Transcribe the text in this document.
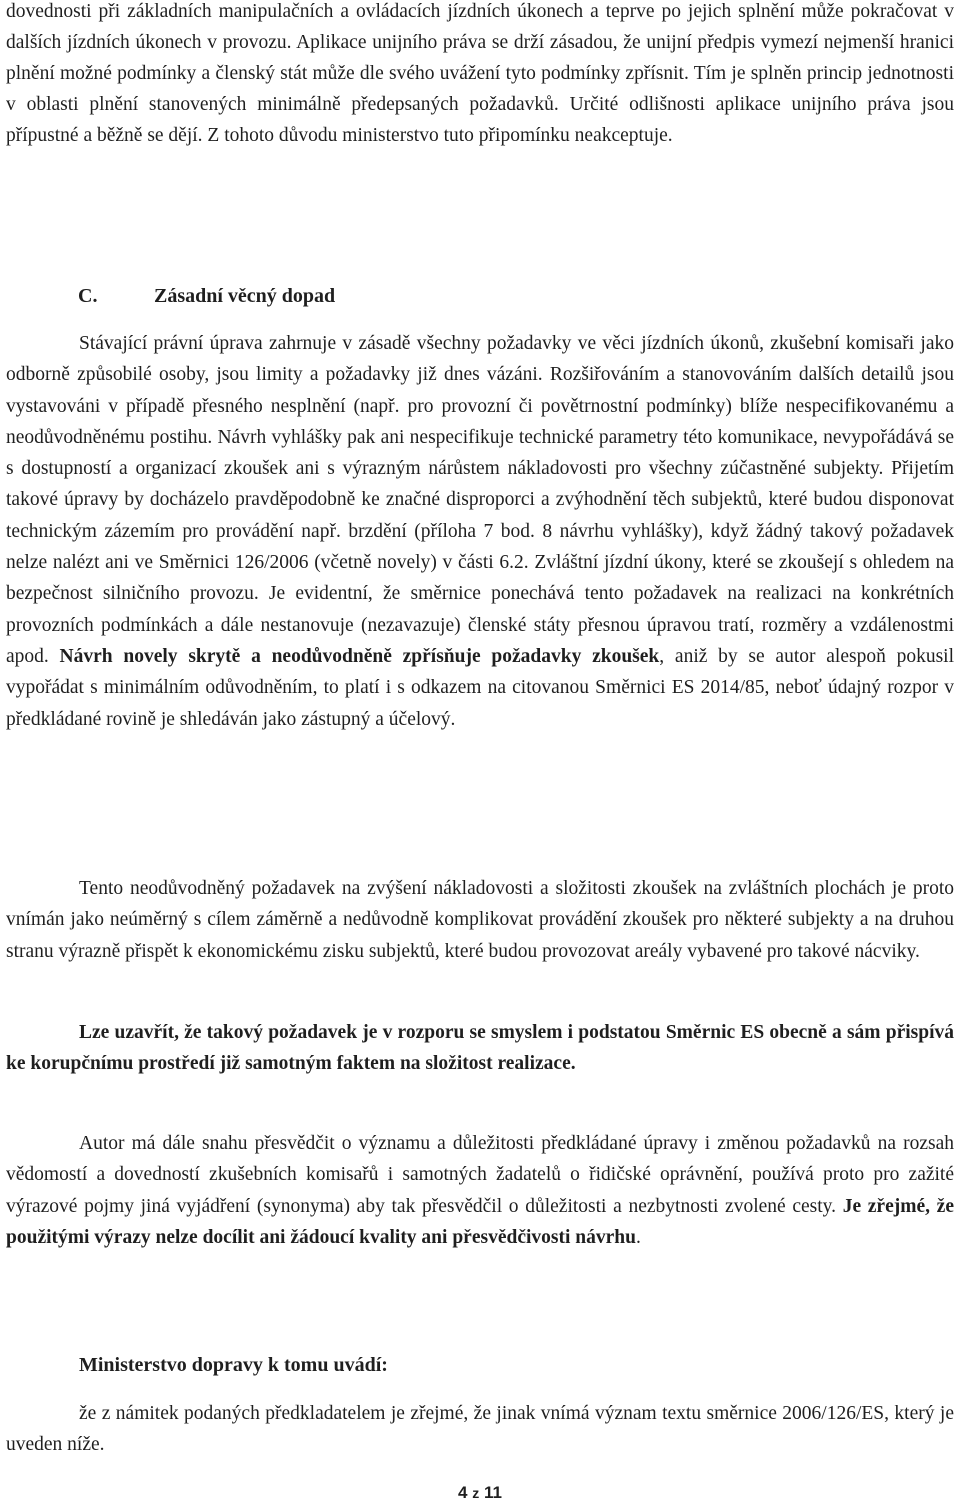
dovednosti při základních manipulačních a ovládacích jízdních úkonech a teprve po jejich splnění může pokračovat v dalších jízdních úkonech v provozu. Aplikace unijního práva se drží zásadou, že unijní předpis vymezí nejmenší hranici plnění možné podmínky a členský stát může dle svého uvážení tyto podmínky zpřísnit. Tím je splněn princip jednotnosti v oblasti plnění stanovených minimálně předepsaných požadavků. Určité odlišnosti aplikace unijního práva jsou přípustné a běžně se dějí. Z tohoto důvodu ministerstvo tuto připomínku neakceptuje.

C.	Zásadní věcný dopad

Stávající právní úprava zahrnuje v zásadě všechny požadavky ve věci jízdních úkonů, zkušební komisaři jako odborně způsobilé osoby, jsou limity a požadavky již dnes vázáni. Rozšiřováním a stanovováním dalších detailů jsou vystavováni v případě přesného nesplnění (např. pro provozní či povětrnostní podmínky) blíže nespecifikovanému a neodůvodněnému postihu. Návrh vyhlášky pak ani nespecifikuje technické parametry této komunikace, nevypořádává se s dostupností a organizací zkoušek ani s výrazným nárůstem nákladovosti pro všechny zúčastněné subjekty. Přijetím takové úpravy by docházelo pravděpodobně ke značné disproporci a zvýhodnění těch subjektů, které budou disponovat technickým zázemím pro provádění např. brzdění (příloha 7 bod. 8 návrhu vyhlášky), když žádný takový požadavek nelze nalézt ani ve Směrnici 126/2006 (včetně novely) v části 6.2. Zvláštní jízdní úkony, které se zkoušejí s ohledem na bezpečnost silničního provozu. Je evidentní, že směrnice ponechává tento požadavek na realizaci na konkrétních provozních podmínkách a dále nestanovuje (nezavazuje) členské státy přesnou úpravou tratí, rozměry a vzdálenostmi apod. Návrh novely skrytě a neodůvodněně zpřísňuje požadavky zkoušek, aniž by se autor alespoň pokusil vypořádat s minimálním odůvodněním, to platí i s odkazem na citovanou Směrnici ES 2014/85, neboť údajný rozpor v předkládané rovině je shledáván jako zástupný a účelový.

Tento neodůvodněný požadavek na zvýšení nákladovosti a složitosti zkoušek na zvláštních plochách je proto vnímán jako neúměrný s cílem záměrně a nedůvodně komplikovat provádění zkoušek pro některé subjekty a na druhou stranu výrazně přispět k ekonomickému zisku subjektů, které budou provozovat areály vybavené pro takové nácviky.

Lze uzavřít, že takový požadavek je v rozporu se smyslem i podstatou Směrnic ES obecně a sám přispívá ke korupčnímu prostředí již samotným faktem na složitost realizace.

Autor má dále snahu přesvědčit o významu a důležitosti předkládané úpravy i změnou požadavků na rozsah vědomostí a dovedností zkušebních komisařů i samotných žadatelů o řidičské oprávnění, používá proto pro zažité výrazové pojmy jiná vyjádření (synonyma) aby tak přesvědčil o důležitosti a nezbytnosti zvolené cesty. Je zřejmé, že použitými výrazy nelze docílit ani žádoucí kvality ani přesvědčivosti návrhu.

Ministerstvo dopravy k tomu uvádí:

že z námitek podaných předkladatelem je zřejmé, že jinak vnímá význam textu směrnice 2006/126/ES, který je uveden níže.

4 z 11
